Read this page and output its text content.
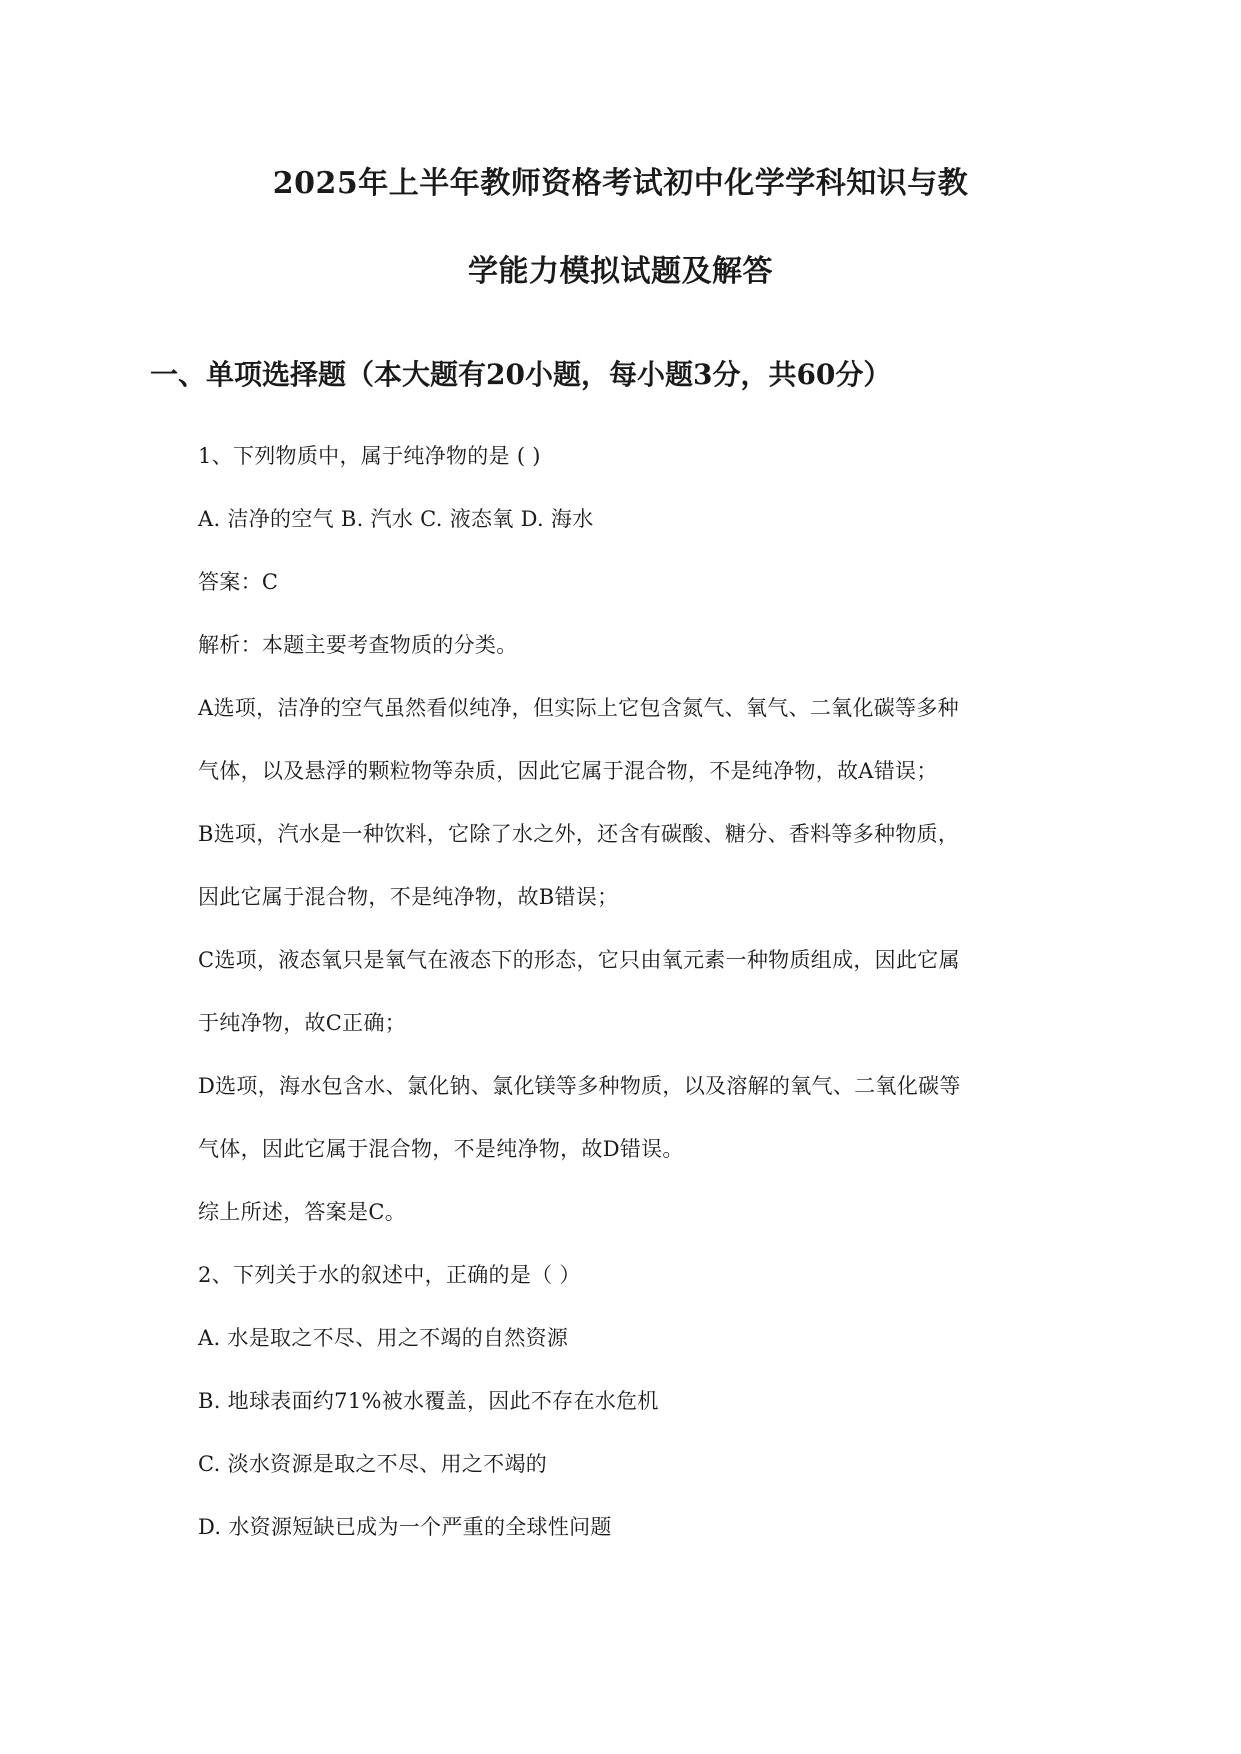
2025年上半年教师资格考试初中化学学科知识与教
学能力模拟试题及解答
一、单项选择题（本大题有20小题，每小题3分，共60分）
1、下列物质中，属于纯净物的是 ( )
A. 洁净的空气 B. 汽水 C. 液态氧 D. 海水
答案：C
解析：本题主要考查物质的分类。
A选项，洁净的空气虽然看似纯净，但实际上它包含氮气、氧气、二氧化碳等多种
气体，以及悬浮的颗粒物等杂质，因此它属于混合物，不是纯净物，故A错误；
B选项，汽水是一种饮料，它除了水之外，还含有碳酸、糖分、香料等多种物质，
因此它属于混合物，不是纯净物，故B错误；
C选项，液态氧只是氧气在液态下的形态，它只由氧元素一种物质组成，因此它属
于纯净物，故C正确；
D选项，海水包含水、氯化钠、氯化镁等多种物质，以及溶解的氧气、二氧化碳等
气体，因此它属于混合物，不是纯净物，故D错误。
综上所述，答案是C。
2、下列关于水的叙述中，正确的是（ ）
A. 水是取之不尽、用之不竭的自然资源
B. 地球表面约71%被水覆盖，因此不存在水危机
C. 淡水资源是取之不尽、用之不竭的
D. 水资源短缺已成为一个严重的全球性问题
